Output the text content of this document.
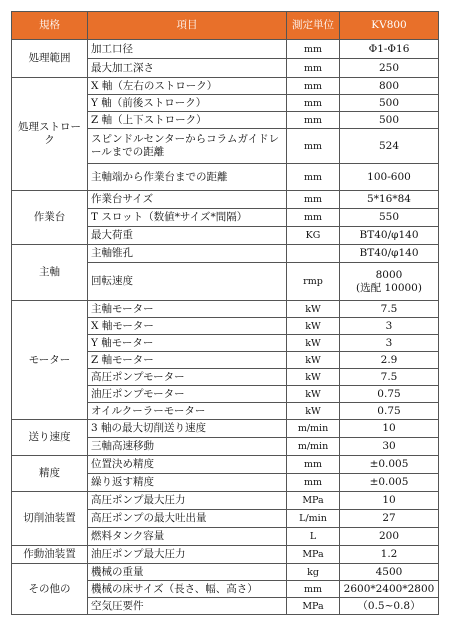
規格	項目	測定単位	KV800
処理範囲	加工口径	mm	Φ1-Φ16
	最大加工深さ	mm	250
処理ストローク	X 軸（左右のストローク）	mm	800
	Y 軸（前後ストローク）	mm	500
	Z 軸（上下ストローク）	mm	500
	スピンドルセンターからコラムガイドレールまでの距離	mm	524
	主軸端から作業台までの距離	mm	100-600
作業台	作業台サイズ	mm	5*16*84
	T スロット（数値*サイズ*間隔）	mm	550
	最大荷重	KG	BT40/φ140
主軸	主軸锥孔		BT40/φ140
	回転速度	rmp	8000
(选配 10000)

モーター	主軸モーター	kW	7.5
	X 軸モーター	kW	3
	Y 軸モーター	kW	3
	Z 軸モーター	kW	2.9
	高圧ポンプモーター	kW	7.5
	油圧ポンプモーター	kW	0.75
	オイルクーラーモーター	kW	0.75
送り速度	3 軸の最大切削送り速度	m/min	10
	三軸高速移動	m/min	30
精度	位置決め精度	mm	±0.005
	繰り返す精度	mm	±0.005
切削油装置	高圧ポンプ最大圧力	MPa	10
	高圧ポンプの最大吐出量	L/min	27
	燃料タンク容量	L	200
作動油装置	油圧ポンプ最大圧力	MPa	1.2
その他の	機械の重量	kg	4500
	機械の床サイズ（長さ、幅、高さ）	mm	2600*2400*2800
	空気圧要件	MPa	（0.5~0.8）
